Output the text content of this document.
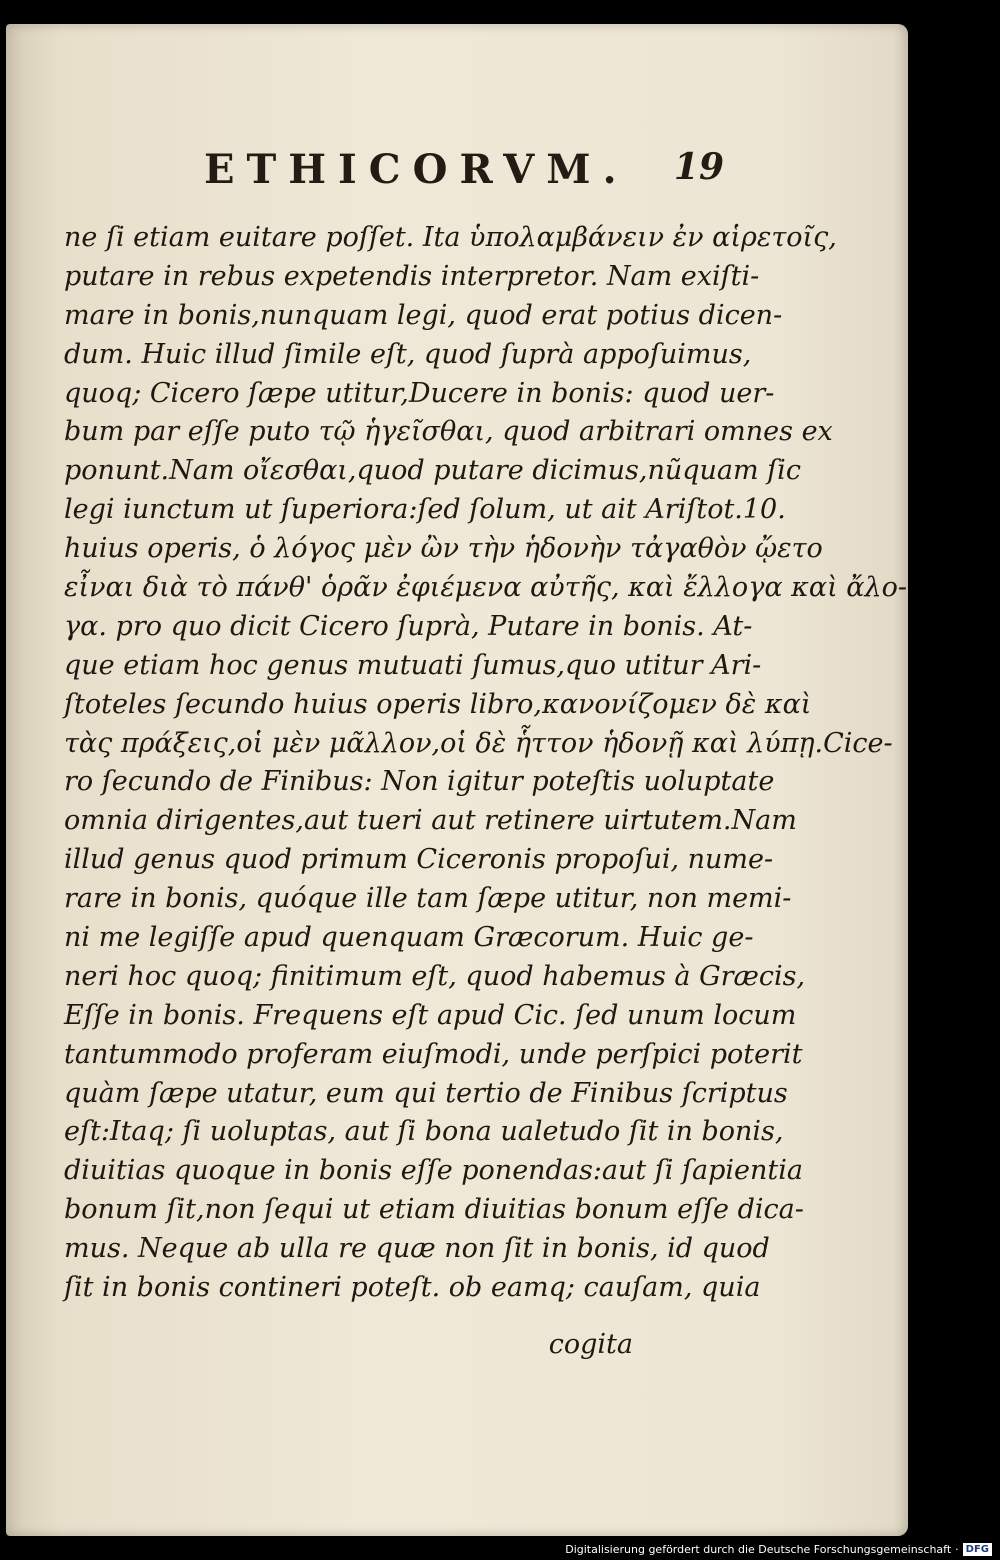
ETHICORVM. 19
ne ſi etiam euitare poſſet. Ita ὑπολαμβάνειν ἐν αἱρετοῖς,
putare in rebus expetendis interpretor. Nam exiſti-
mare in bonis,nunquam legi, quod erat potius dicen-
dum. Huic illud ſimile eſt, quod ſuprà appoſuimus,
quoq; Cicero ſæpe utitur,Ducere in bonis: quod uer-
bum par eſſe puto τῷ ἡγεῖσθαι, quod arbitrari omnes ex
ponunt.Nam οἴεσθαι,quod putare dicimus,nũquam ſic
legi iunctum ut ſuperiora:ſed ſolum, ut ait Ariſtot.10.
huius operis, ὁ λόγος μὲν ὢν τὴν ἡδονὴν τἀγαθὸν ᾤετο
εἶναι διὰ τὸ πάνθ' ὁρᾶν ἐφιέμενα αὐτῆς, καὶ ἔλλογα καὶ ἄλο-
γα. pro quo dicit Cicero ſuprà, Putare in bonis. At-
que etiam hoc genus mutuati ſumus,quo utitur Ari-
ſtoteles ſecundo huius operis libro,κανονίζομεν δὲ καὶ
τὰς πράξεις,οἱ μὲν μᾶλλον,οἱ δὲ ἧττον ἡδονῇ καὶ λύπῃ.Cice-
ro ſecundo de Finibus: Non igitur poteſtis uoluptate
omnia dirigentes,aut tueri aut retinere uirtutem.Nam
illud genus quod primum Ciceronis propoſui, nume-
rare in bonis, quóque ille tam ſæpe utitur, non memi-
ni me legiſſe apud quenquam Græcorum. Huic ge-
neri hoc quoq; finitimum eſt, quod habemus à Græcis,
Eſſe in bonis. Frequens eſt apud Cic. ſed unum locum
tantummodo proferam eiuſmodi, unde perſpici poterit
quàm ſæpe utatur, eum qui tertio de Finibus ſcriptus
eſt:Itaq; ſi uoluptas, aut ſi bona ualetudo ſit in bonis,
diuitias quoque in bonis eſſe ponendas:aut ſi ſapientia
bonum ſit,non ſequi ut etiam diuitias bonum eſſe dica-
mus. Neque ab ulla re quæ non ſit in bonis, id quod
ſit in bonis contineri poteſt. ob eamq; cauſam, quia
cogita
Digitalisierung gefördert durch die Deutsche Forschungsgemeinschaft · DFG
